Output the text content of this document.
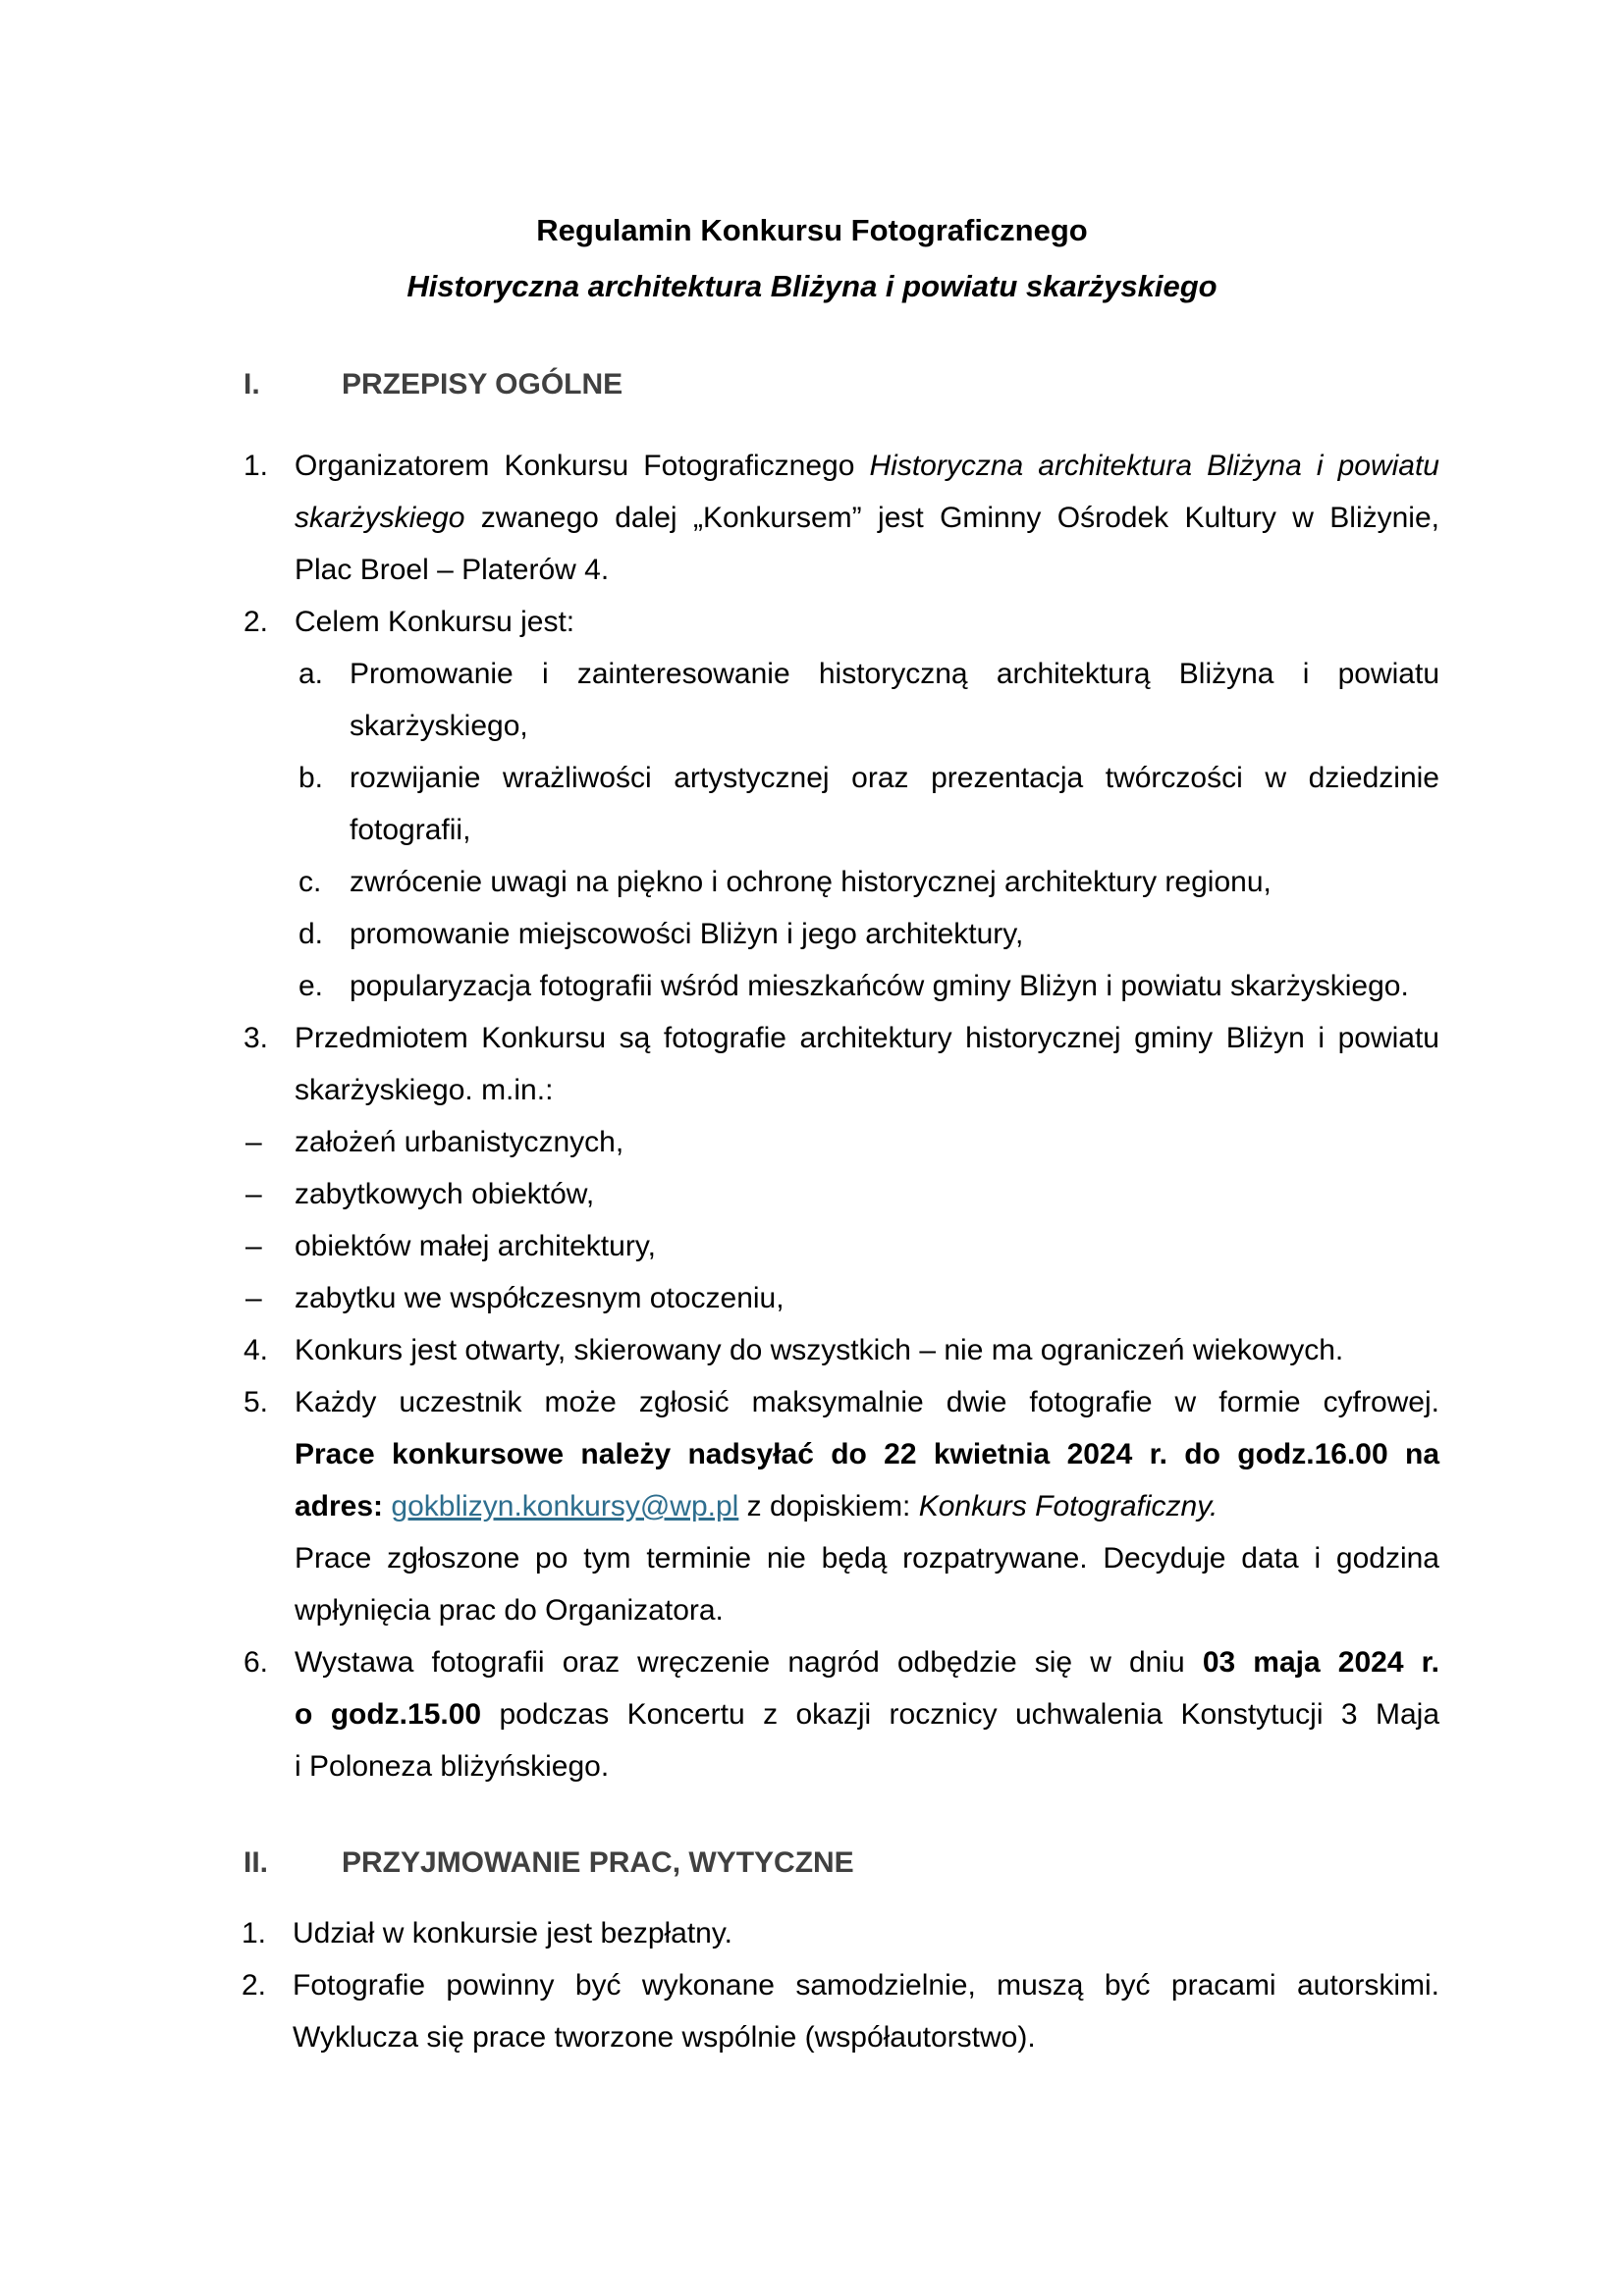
Regulamin Konkursu Fotograficznego
Historyczna architektura Bliżyna i powiatu skarżyskiego
I.	PRZEPISY OGÓLNE
1. Organizatorem Konkursu Fotograficznego Historyczna architektura Bliżyna i powiatu
skarżyskiego zwanego dalej „Konkursem” jest Gminny Ośrodek Kultury w Bliżynie,
Plac Broel – Platerów 4.
2. Celem Konkursu jest:
a. Promowanie i zainteresowanie historyczną architekturą Bliżyna i powiatu
skarżyskiego,
b. rozwijanie wrażliwości artystycznej oraz prezentacja twórczości w dziedzinie
fotografii,
c. zwrócenie uwagi na piękno i ochronę historycznej architektury regionu,
d. promowanie miejscowości Bliżyn i jego architektury,
e. popularyzacja fotografii wśród mieszkańców gminy Bliżyn i powiatu skarżyskiego.
3. Przedmiotem Konkursu są fotografie architektury historycznej gminy Bliżyn i powiatu
skarżyskiego. m.in.:
– założeń urbanistycznych,
– zabytkowych obiektów,
– obiektów małej architektury,
– zabytku we współczesnym otoczeniu,
4. Konkurs jest otwarty, skierowany do wszystkich – nie ma ograniczeń wiekowych.
5. Każdy uczestnik może zgłosić maksymalnie dwie fotografie w formie cyfrowej.
Prace konkursowe należy nadsyłać do 22 kwietnia 2024 r. do godz.16.00 na
adres: gokblizyn.konkursy@wp.pl z dopiskiem: Konkurs Fotograficzny.
Prace zgłoszone po tym terminie nie będą rozpatrywane. Decyduje data i godzina
wpłynięcia prac do Organizatora.
6. Wystawa fotografii oraz wręczenie nagród odbędzie się w dniu 03 maja 2024 r.
o godz.15.00 podczas Koncertu z okazji rocznicy uchwalenia Konstytucji 3 Maja
i Poloneza bliżyńskiego.
II. PRZYJMOWANIE PRAC, WYTYCZNE
1. Udział w konkursie jest bezpłatny.
2. Fotografie powinny być wykonane samodzielnie, muszą być pracami autorskimi.
Wyklucza się prace tworzone wspólnie (współautorstwo).
